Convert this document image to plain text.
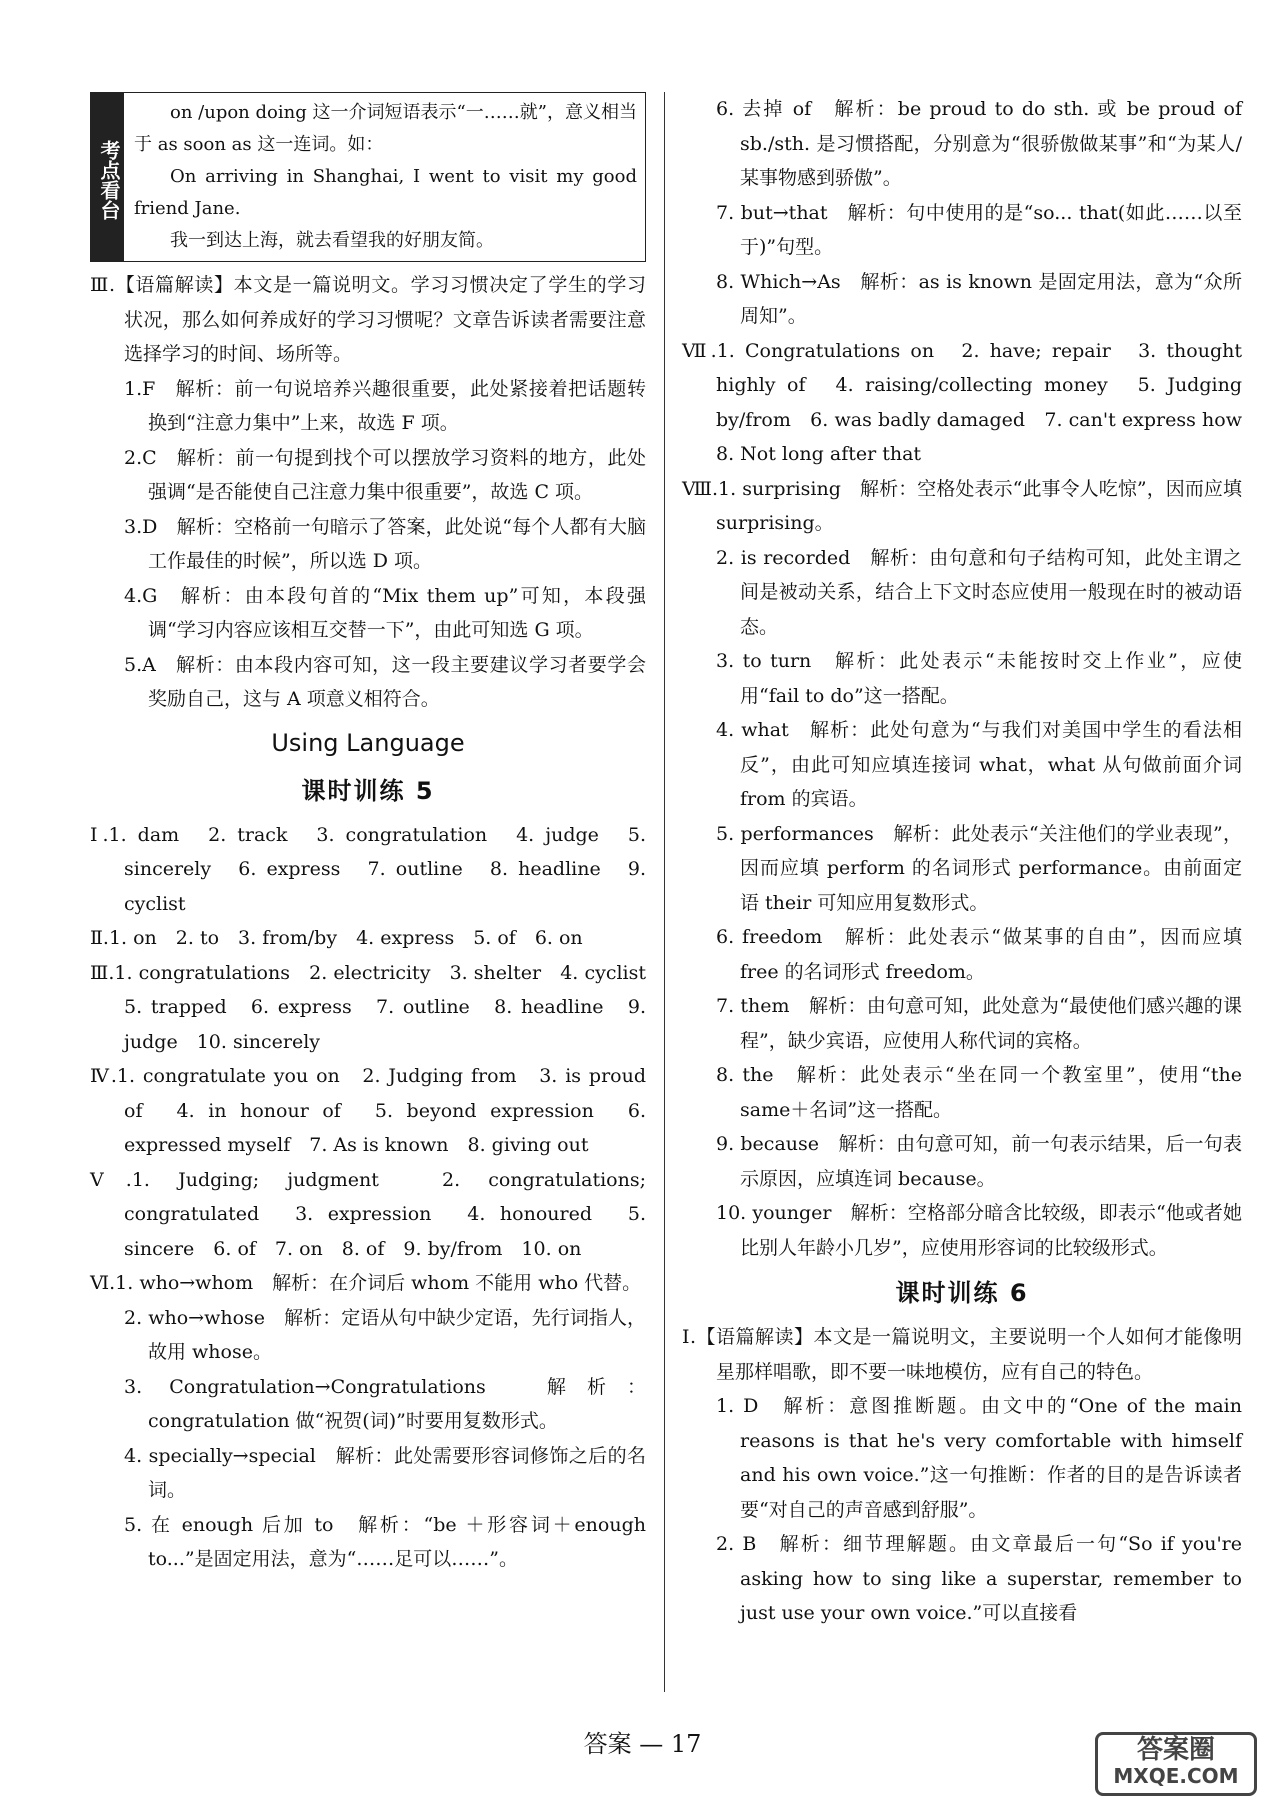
考点看台

on /upon doing 这一介词短语表示“一……就”，意义相当于 as soon as 这一连词。如：

On arriving in Shanghai, I went to visit my good friend Jane.

我一到达上海，就去看望我的好朋友简。

Ⅲ.【语篇解读】本文是一篇说明文。学习习惯决定了学生的学习状况，那么如何养成好的学习习惯呢？文章告诉读者需要注意选择学习的时间、场所等。

1.F　解析：前一句说培养兴趣很重要，此处紧接着把话题转换到“注意力集中”上来，故选 F 项。

2.C　解析：前一句提到找个可以摆放学习资料的地方，此处强调“是否能使自己注意力集中很重要”，故选 C 项。

3.D　解析：空格前一句暗示了答案，此处说“每个人都有大脑工作最佳的时候”，所以选 D 项。

4.G　解析：由本段句首的“Mix them up”可知，本段强调“学习内容应该相互交替一下”，由此可知选 G 项。

5.A　解析：由本段内容可知，这一段主要建议学习者要学会奖励自己，这与 A 项意义相符合。

Using Language
课时训练 5

Ⅰ.1. dam　2. track　3. congratulation　4. judge　5. sincerely　6. express　7. outline　8. headline　9. cyclist

Ⅱ.1. on　2. to　3. from/by　4. express　5. of　6. on

Ⅲ.1. congratulations　2. electricity　3. shelter　4. cyclist　5. trapped　6. express　7. outline　8. headline　9. judge　10. sincerely

Ⅳ.1. congratulate you on　2. Judging from　3. is proud of　4. in honour of　5. beyond expression　6. expressed myself　7. As is known　8. giving out

Ⅴ.1. Judging; judgment　2. congratulations; congratulated　3. expression　4. honoured　5. sincere　6. of　7. on　8. of　9. by/from　10. on

Ⅵ.1. who→whom　解析：在介词后 whom 不能用 who 代替。

2. who→whose　解析：定语从句中缺少定语，先行词指人，故用 whose。

3. Congratulation→Congratulations　解析：congratulation 做“祝贺(词)”时要用复数形式。

4. specially→special　解析：此处需要形容词修饰之后的名词。

5. 在 enough 后加 to　解析：“be ＋形容词＋enough to...”是固定用法，意为“……足可以……”。

6. 去掉 of　解析：be proud to do sth. 或 be proud of sb./sth. 是习惯搭配，分别意为“很骄傲做某事”和“为某人/某事物感到骄傲”。

7. but→that　解析：句中使用的是“so... that(如此……以至于)”句型。

8. Which→As　解析：as is known 是固定用法，意为“众所周知”。

Ⅶ.1. Congratulations on　2. have; repair　3. thought highly of　4. raising/collecting money　5. Judging by/from　6. was badly damaged　7. can't express how　8. Not long after that

Ⅷ.1. surprising　解析：空格处表示“此事令人吃惊”，因而应填 surprising。

2. is recorded　解析：由句意和句子结构可知，此处主谓之间是被动关系，结合上下文时态应使用一般现在时的被动语态。

3. to turn　解析：此处表示“未能按时交上作业”，应使用“fail to do”这一搭配。

4. what　解析：此处句意为“与我们对美国中学生的看法相反”，由此可知应填连接词 what，what 从句做前面介词 from 的宾语。

5. performances　解析：此处表示“关注他们的学业表现”，因而应填 perform 的名词形式 performance。由前面定语 their 可知应用复数形式。

6. freedom　解析：此处表示“做某事的自由”，因而应填 free 的名词形式 freedom。

7. them　解析：由句意可知，此处意为“最使他们感兴趣的课程”，缺少宾语，应使用人称代词的宾格。

8. the　解析：此处表示“坐在同一个教室里”，使用“the same＋名词”这一搭配。

9. because　解析：由句意可知，前一句表示结果，后一句表示原因，应填连词 because。

10. younger　解析：空格部分暗含比较级，即表示“他或者她比别人年龄小几岁”，应使用形容词的比较级形式。

课时训练 6

Ⅰ.【语篇解读】本文是一篇说明文，主要说明一个人如何才能像明星那样唱歌，即不要一味地模仿，应有自己的特色。

1. D　解析：意图推断题。由文中的“One of the main reasons is that he's very comfortable with himself and his own voice.”这一句推断：作者的目的是告诉读者要“对自己的声音感到舒服”。

2. B　解析：细节理解题。由文章最后一句“So if you're asking how to sing like a superstar, remember to just use your own voice.”可以直接看

答案 — 17	答案圈
MXQE.COM
